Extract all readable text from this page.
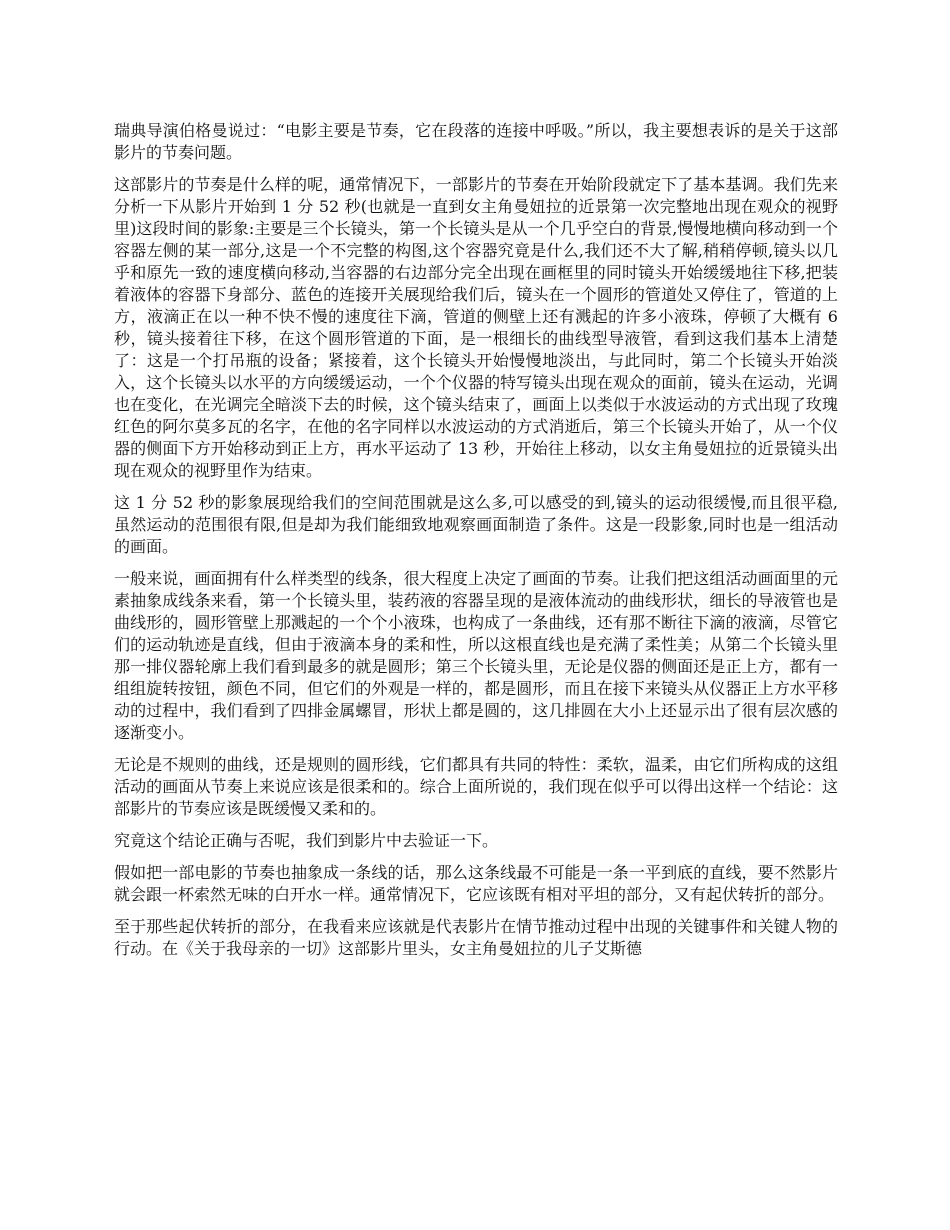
瑞典导演伯格曼说过：“电影主要是节奏，它在段落的连接中呼吸。”所以，我主要想表诉的是关于这部影片的节奏问题。

这部影片的节奏是什么样的呢，通常情况下，一部影片的节奏在开始阶段就定下了基本基调。我们先来分析一下从影片开始到 1 分 52 秒(也就是一直到女主角曼妞拉的近景第一次完整地出现在观众的视野里)这段时间的影象:主要是三个长镜头，第一个长镜头是从一个几乎空白的背景,慢慢地横向移动到一个容器左侧的某一部分,这是一个不完整的构图,这个容器究竟是什么,我们还不大了解,稍稍停顿,镜头以几乎和原先一致的速度横向移动,当容器的右边部分完全出现在画框里的同时镜头开始缓缓地往下移,把装着液体的容器下身部分、蓝色的连接开关展现给我们后，镜头在一个圆形的管道处又停住了，管道的上方，液滴正在以一种不快不慢的速度往下滴，管道的侧壁上还有溅起的许多小液珠，停顿了大概有 6 秒，镜头接着往下移，在这个圆形管道的下面，是一根细长的曲线型导液管，看到这我们基本上清楚了：这是一个打吊瓶的设备；紧接着，这个长镜头开始慢慢地淡出，与此同时，第二个长镜头开始淡入，这个长镜头以水平的方向缓缓运动，一个个仪器的特写镜头出现在观众的面前，镜头在运动，光调也在变化，在光调完全暗淡下去的时候，这个镜头结束了，画面上以类似于水波运动的方式出现了玫瑰红色的阿尔莫多瓦的名字，在他的名字同样以水波运动的方式消逝后，第三个长镜头开始了，从一个仪器的侧面下方开始移动到正上方，再水平运动了 13 秒，开始往上移动，以女主角曼妞拉的近景镜头出现在观众的视野里作为结束。

这 1 分 52 秒的影象展现给我们的空间范围就是这么多,可以感受的到,镜头的运动很缓慢,而且很平稳,虽然运动的范围很有限,但是却为我们能细致地观察画面制造了条件。这是一段影象,同时也是一组活动的画面。

一般来说，画面拥有什么样类型的线条，很大程度上决定了画面的节奏。让我们把这组活动画面里的元素抽象成线条来看，第一个长镜头里，装药液的容器呈现的是液体流动的曲线形状，细长的导液管也是曲线形的，圆形管壁上那溅起的一个个小液珠，也构成了一条曲线，还有那不断往下滴的液滴，尽管它们的运动轨迹是直线，但由于液滴本身的柔和性，所以这根直线也是充满了柔性美；从第二个长镜头里那一排仪器轮廓上我们看到最多的就是圆形；第三个长镜头里，无论是仪器的侧面还是正上方，都有一组组旋转按钮，颜色不同，但它们的外观是一样的，都是圆形，而且在接下来镜头从仪器正上方水平移动的过程中，我们看到了四排金属螺冒，形状上都是圆的，这几排圆在大小上还显示出了很有层次感的逐渐变小。

无论是不规则的曲线，还是规则的圆形线，它们都具有共同的特性：柔软，温柔，由它们所构成的这组活动的画面从节奏上来说应该是很柔和的。综合上面所说的，我们现在似乎可以得出这样一个结论：这部影片的节奏应该是既缓慢又柔和的。

究竟这个结论正确与否呢，我们到影片中去验证一下。

假如把一部电影的节奏也抽象成一条线的话，那么这条线最不可能是一条一平到底的直线，要不然影片就会跟一杯索然无味的白开水一样。通常情况下，它应该既有相对平坦的部分，又有起伏转折的部分。

至于那些起伏转折的部分，在我看来应该就是代表影片在情节推动过程中出现的关键事件和关键人物的行动。在《关于我母亲的一切》这部影片里头，女主角曼妞拉的儿子艾斯德
